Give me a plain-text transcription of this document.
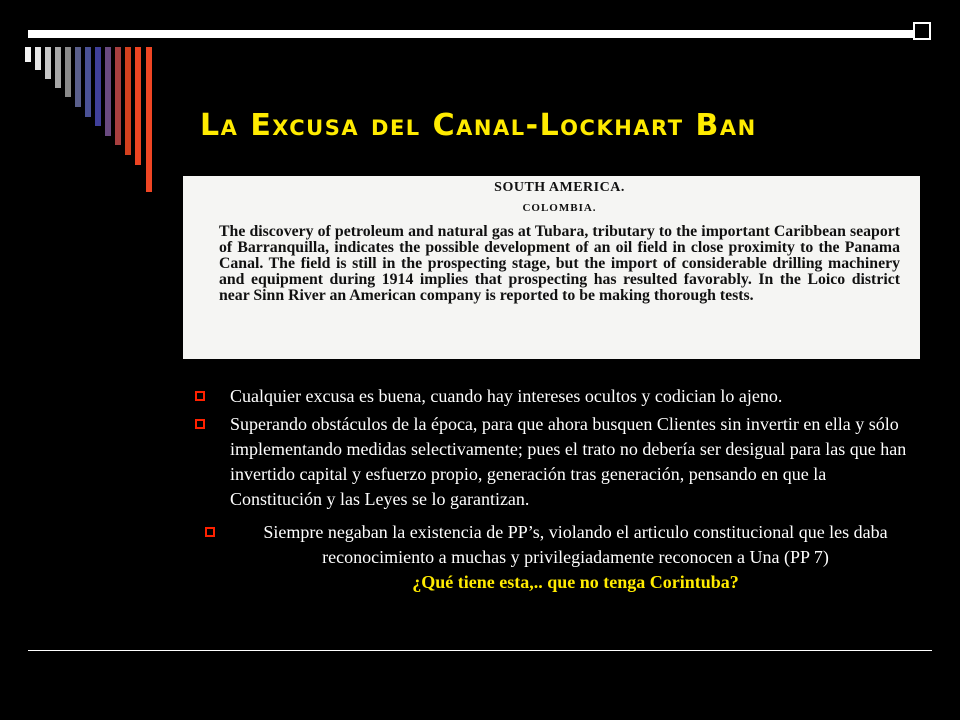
La Excusa del Canal-Lockhart Ban
SOUTH AMERICA.
COLOMBIA.

The discovery of petroleum and natural gas at Tubara, tributary to the important Caribbean seaport of Barranquilla, indicates the possible development of an oil field in close proximity to the Panama Canal. The field is still in the prospecting stage, but the import of considerable drilling machinery and equipment during 1914 implies that prospecting has resulted favorably. In the Loico district near Sinn River an American company is reported to be making thorough tests.

Cualquier excusa es buena, cuando hay intereses ocultos y codician lo ajeno.
Superando obstáculos de la época, para que ahora busquen Clientes sin invertir en ella y sólo implementando medidas selectivamente; pues el trato no debería ser desigual para las que han invertido capital y esfuerzo propio, generación tras generación, pensando en que la Constitución y las Leyes se lo garantizan.
Siempre negaban la existencia de PP’s, violando el articulo constitucional que les daba reconocimiento a muchas y privilegiadamente reconocen a Una (PP 7)
¿Qué tiene esta,.. que no tenga Corintuba?
